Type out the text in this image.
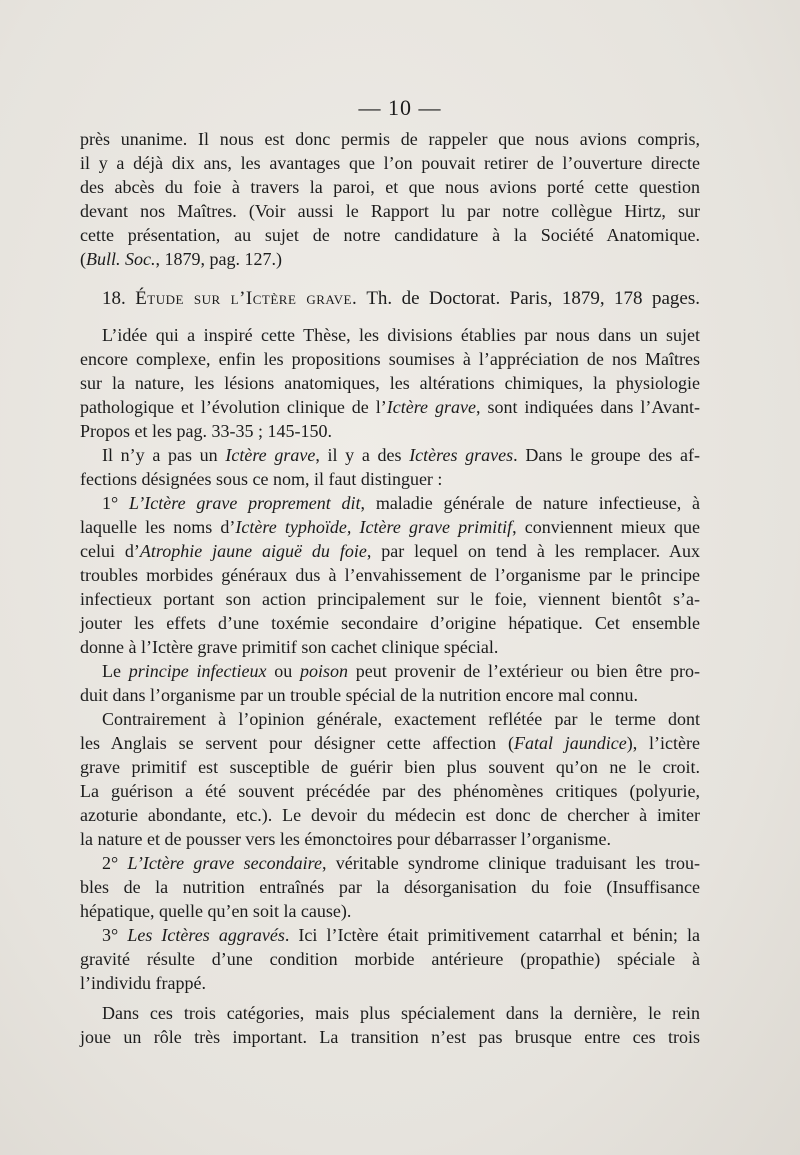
— 10 —
près unanime. Il nous est donc permis de rappeler que nous avions compris,
il y a déjà dix ans, les avantages que l’on pouvait retirer de l’ouverture directe
des abcès du foie à travers la paroi, et que nous avions porté cette question
devant nos Maîtres. (Voir aussi le Rapport lu par notre collègue Hirtz, sur
cette présentation, au sujet de notre candidature à la Société Anatomique.
(Bull. Soc., 1879, pag. 127.)
18. Étude sur l’Ictère grave. Th. de Doctorat. Paris, 1879, 178 pages.
L’idée qui a inspiré cette Thèse, les divisions établies par nous dans un sujet
encore complexe, enfin les propositions soumises à l’appréciation de nos Maîtres
sur la nature, les lésions anatomiques, les altérations chimiques, la physiologie
pathologique et l’évolution clinique de l’Ictère grave, sont indiquées dans l’Avant-
Propos et les pag. 33-35 ; 145-150.
Il n’y a pas un Ictère grave, il y a des Ictères graves. Dans le groupe des af-
fections désignées sous ce nom, il faut distinguer :
1° L’Ictère grave proprement dit, maladie générale de nature infectieuse, à
laquelle les noms d’Ictère typhoïde, Ictère grave primitif, conviennent mieux que
celui d’Atrophie jaune aiguë du foie, par lequel on tend à les remplacer. Aux
troubles morbides généraux dus à l’envahissement de l’organisme par le principe
infectieux portant son action principalement sur le foie, viennent bientôt s’a-
jouter les effets d’une toxémie secondaire d’origine hépatique. Cet ensemble
donne à l’Ictère grave primitif son cachet clinique spécial.
Le principe infectieux ou poison peut provenir de l’extérieur ou bien être pro-
duit dans l’organisme par un trouble spécial de la nutrition encore mal connu.
Contrairement à l’opinion générale, exactement reflétée par le terme dont
les Anglais se servent pour désigner cette affection (Fatal jaundice), l’ictère
grave primitif est susceptible de guérir bien plus souvent qu’on ne le croit.
La guérison a été souvent précédée par des phénomènes critiques (polyurie,
azoturie abondante, etc.). Le devoir du médecin est donc de chercher à imiter
la nature et de pousser vers les émonctoires pour débarrasser l’organisme.
2° L’Ictère grave secondaire, véritable syndrome clinique traduisant les trou-
bles de la nutrition entraînés par la désorganisation du foie (Insuffisance
hépatique, quelle qu’en soit la cause).
3° Les Ictères aggravés. Ici l’Ictère était primitivement catarrhal et bénin; la
gravité résulte d’une condition morbide antérieure (propathie) spéciale à
l’individu frappé.
Dans ces trois catégories, mais plus spécialement dans la dernière, le rein
joue un rôle très important. La transition n’est pas brusque entre ces trois
